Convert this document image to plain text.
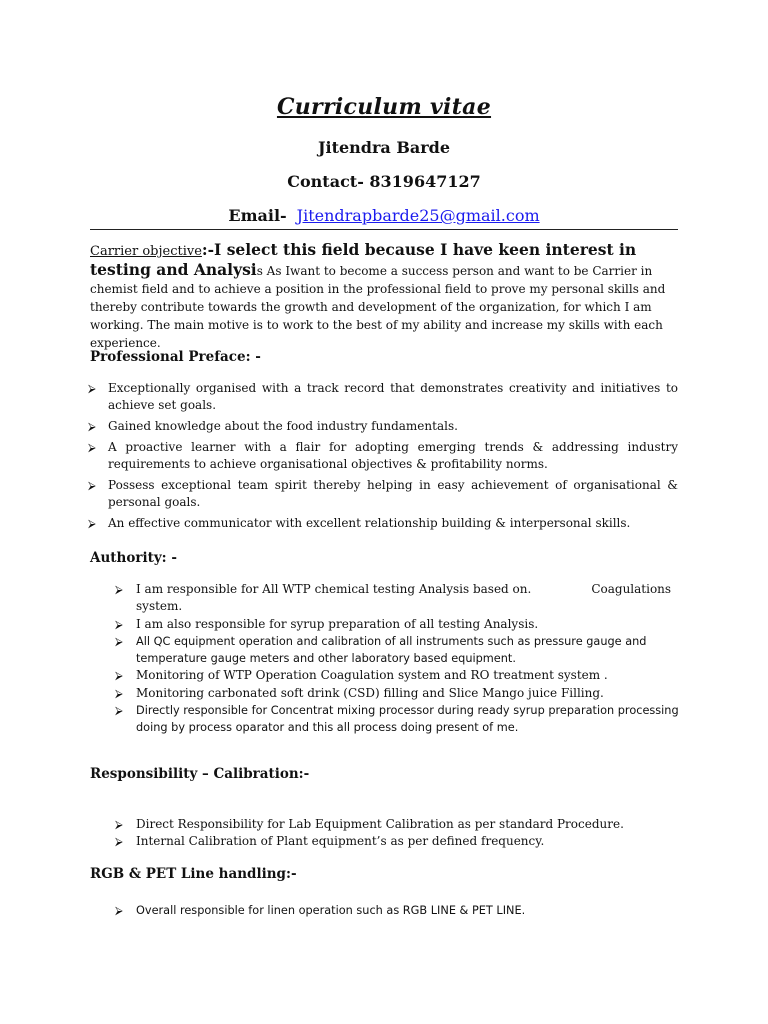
Curriculum vitae
Jitendra Barde
Contact- 8319647127
Email- Jitendrapbarde25@gmail.com
Carrier objective:-I select this field because I have keen interest in testing and Analysis As Iwant to become a success person and want to be Carrier in chemist field and to achieve a position in the professional field to prove my personal skills and thereby contribute towards the growth and development of the organization, for which I am working. The main motive is to work to the best of my ability and increase my skills with each experience.
Professional Preface: -
⮚ Exceptionally organised with a track record that demonstrates creativity and initiatives to achieve set goals.
⮚ Gained knowledge about the food industry fundamentals.
⮚ A proactive learner with a flair for adopting emerging trends & addressing industry requirements to achieve organisational objectives & profitability norms.
⮚ Possess exceptional team spirit thereby helping in easy achievement of organisational & personal goals.
⮚ An effective communicator with excellent relationship building & interpersonal skills.
Authority: -
⮚ I am responsible for All WTP chemical testing Analysis based on.	Coagulations system.
⮚ I am also responsible for syrup preparation of all testing Analysis.
⮚ All QC equipment operation and calibration of all instruments such as pressure gauge and temperature gauge meters and other laboratory based equipment.
⮚ Monitoring of WTP Operation Coagulation system and RO treatment system .
⮚ Monitoring carbonated soft drink (CSD) filling and Slice Mango juice Filling.
⮚ Directly responsible for Concentrat mixing processor during ready syrup preparation processing doing by process oparator and this all process doing present of me.
Responsibility – Calibration:-
⮚ Direct Responsibility for Lab Equipment Calibration as per standard Procedure.
⮚ Internal Calibration of Plant equipment’s as per defined frequency.
RGB & PET Line handling:-
⮚ Overall responsible for linen operation such as RGB LINE & PET LINE.
